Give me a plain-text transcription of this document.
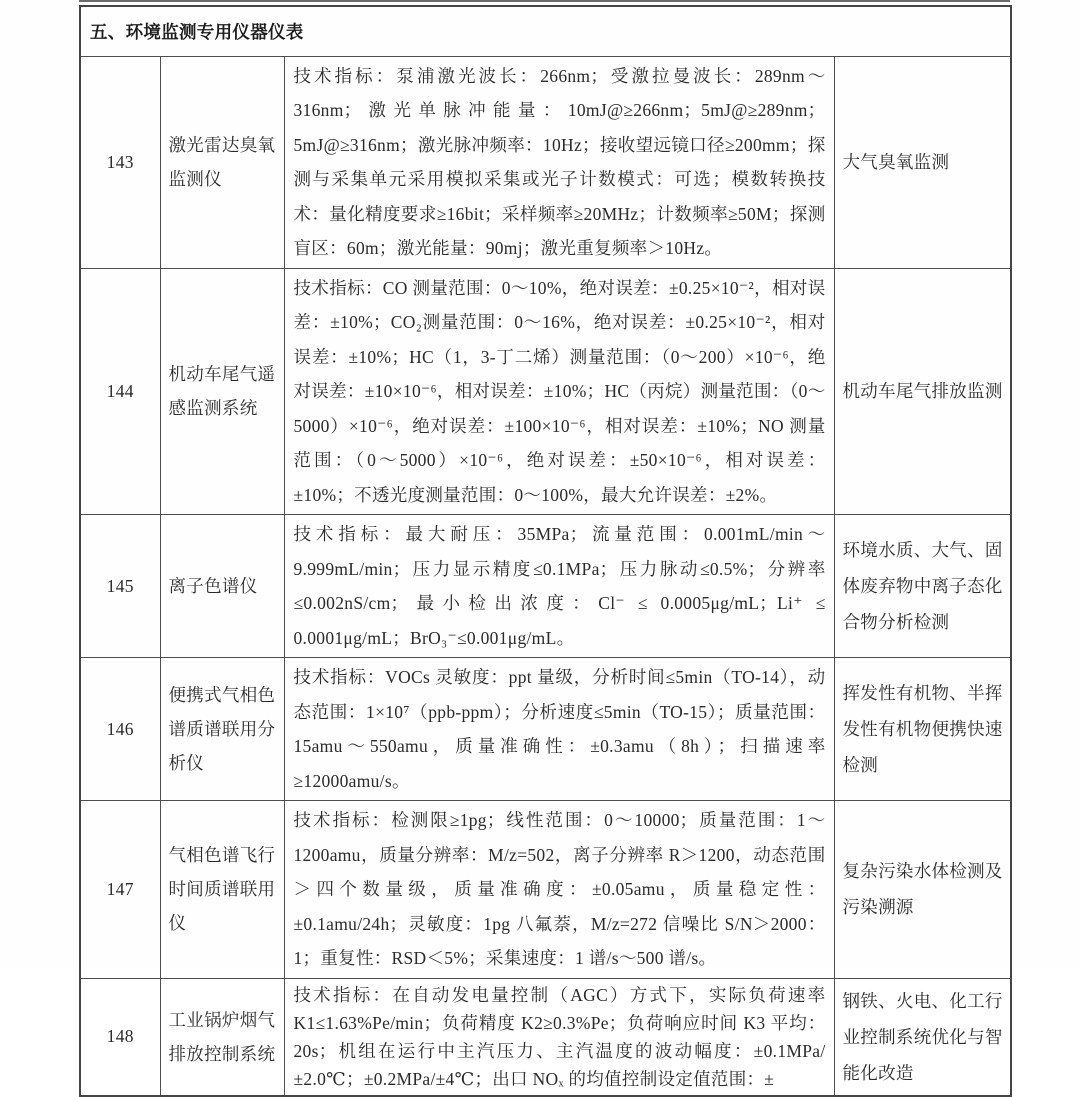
五、环境监测专用仪器仪表			
143	激光雷达臭氧监测仪	技术指标：泵浦激光波长：266nm；受激拉曼波长：289nm～316nm；激光单脉冲能量：10mJ@≥266nm；5mJ@≥289nm；5mJ@≥316nm；激光脉冲频率：10Hz；接收望远镜口径≥200mm；探测与采集单元采用模拟采集或光子计数模式：可选；模数转换技术：量化精度要求≥16bit；采样频率≥20MHz；计数频率≥50M；探测盲区：60m；激光能量：90mj；激光重复频率＞10Hz。	大气臭氧监测
144	机动车尾气遥感监测系统	技术指标：CO 测量范围：0～10%，绝对误差：±0.25×10⁻²，相对误差：±10%；CO₂测量范围：0～16%，绝对误差：±0.25×10⁻²，相对误差：±10%；HC（1，3-丁二烯）测量范围：（0～200）×10⁻⁶，绝对误差：±10×10⁻⁶，相对误差：±10%；HC（丙烷）测量范围：（0～5000）×10⁻⁶，绝对误差：±100×10⁻⁶，相对误差：±10%；NO 测量范围：（0～5000）×10⁻⁶，绝对误差：±50×10⁻⁶，相对误差：±10%；不透光度测量范围：0～100%，最大允许误差：±2%。	机动车尾气排放监测
145	离子色谱仪	技术指标：最大耐压：35MPa；流量范围：0.001mL/min～9.999mL/min；压力显示精度≤0.1MPa；压力脉动≤0.5%；分辨率≤0.002nS/cm；最小检出浓度：Cl⁻ ≤ 0.0005μg/mL；Li⁺ ≤ 0.0001μg/mL；BrO₃⁻≤0.001μg/mL。	环境水质、大气、固体废弃物中离子态化合物分析检测
146	便携式气相色谱质谱联用分析仪	技术指标：VOCs 灵敏度：ppt 量级，分析时间≤5min（TO-14），动态范围：1×10⁷（ppb-ppm）；分析速度≤5min（TO-15）；质量范围：15amu～550amu，质量准确性：±0.3amu（8h）；扫描速率≥12000amu/s。	挥发性有机物、半挥发性有机物便携快速检测
147	气相色谱飞行时间质谱联用仪	技术指标：检测限≥1pg；线性范围：0～10000；质量范围：1～1200amu，质量分辨率：M/z=502，离子分辨率 R＞1200，动态范围＞四个数量级，质量准确度：±0.05amu，质量稳定性：±0.1amu/24h；灵敏度：1pg 八氟萘，M/z=272 信噪比 S/N＞2000：1；重复性：RSD＜5%；采集速度：1 谱/s～500 谱/s。	复杂污染水体检测及污染溯源
148	工业锅炉烟气排放控制系统	技术指标：在自动发电量控制（AGC）方式下，实际负荷速率 K1≤1.63%Pe/min；负荷精度 K2≥0.3%Pe；负荷响应时间 K3 平均：20s；机组在运行中主汽压力、主汽温度的波动幅度：±0.1MPa/±2.0℃；±0.2MPa/±4℃；出口 NOₓ 的均值控制设定值范围：±	钢铁、火电、化工行业控制系统优化与智能化改造
